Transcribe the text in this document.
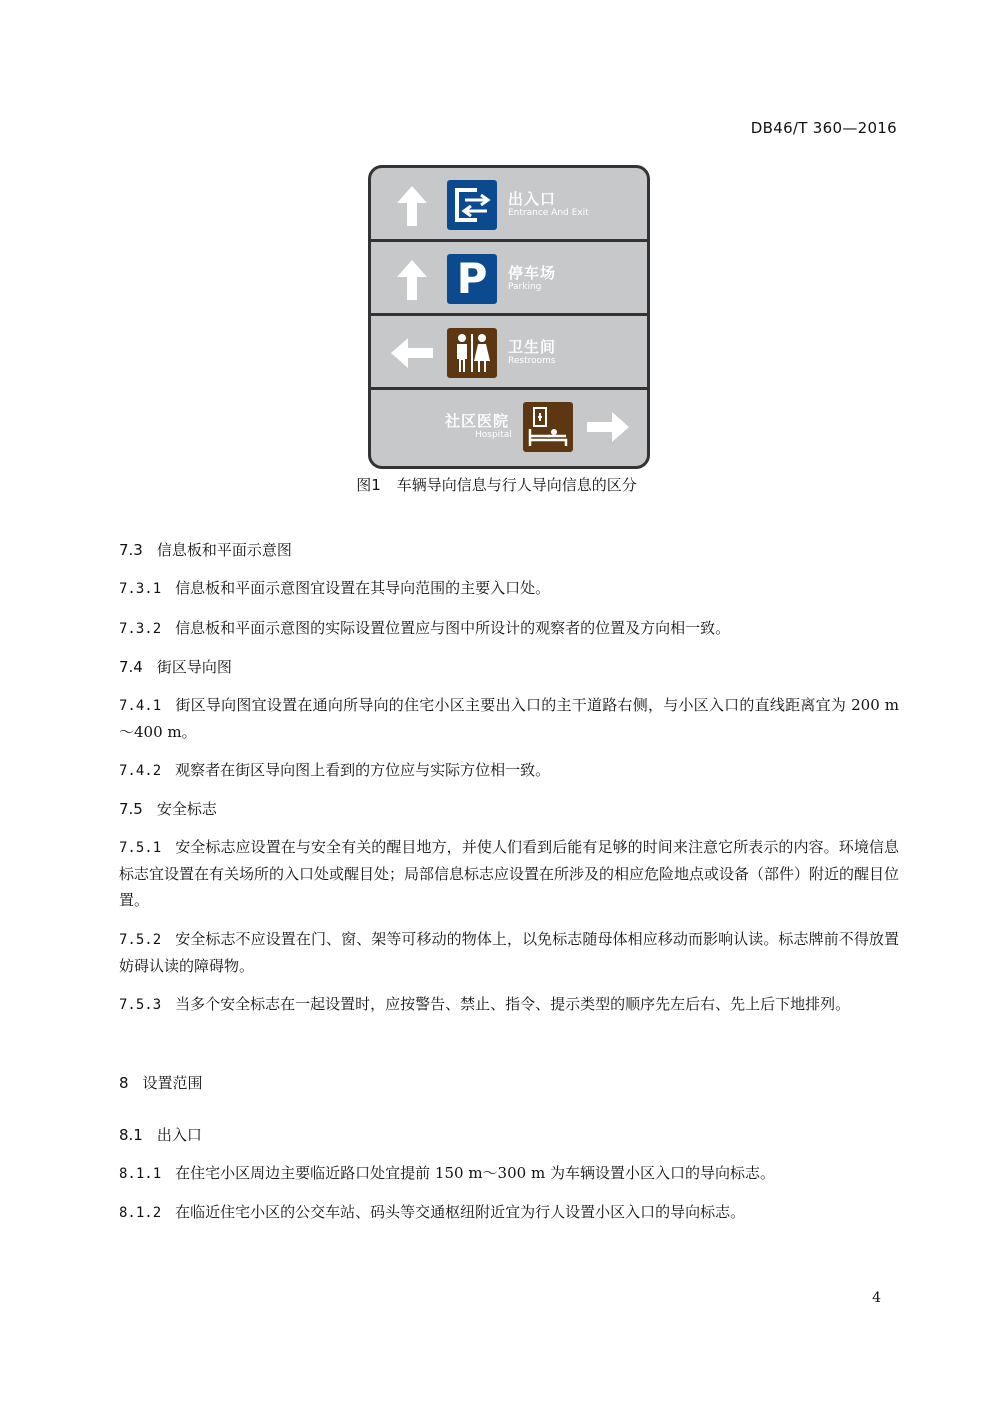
DB46/T 360—2016
出入口
Entrance And Exit
P 停车场
Parking
卫生间
Restrooms
社区医院
Hospital
图1 车辆导向信息与行人导向信息的区分
7.3 信息板和平面示意图
7.3.1 信息板和平面示意图宜设置在其导向范围的主要入口处。
7.3.2 信息板和平面示意图的实际设置位置应与图中所设计的观察者的位置及方向相一致。
7.4 街区导向图
7.4.1 街区导向图宜设置在通向所导向的住宅小区主要出入口的主干道路右侧，与小区入口的直线距离宜为 200 m～400 m。
7.4.2 观察者在街区导向图上看到的方位应与实际方位相一致。
7.5 安全标志
7.5.1 安全标志应设置在与安全有关的醒目地方，并使人们看到后能有足够的时间来注意它所表示的内容。环境信息标志宜设置在有关场所的入口处或醒目处；局部信息标志应设置在所涉及的相应危险地点或设备（部件）附近的醒目位置。
7.5.2 安全标志不应设置在门、窗、架等可移动的物体上，以免标志随母体相应移动而影响认读。标志牌前不得放置妨碍认读的障碍物。
7.5.3 当多个安全标志在一起设置时，应按警告、禁止、指令、提示类型的顺序先左后右、先上后下地排列。
8 设置范围
8.1 出入口
8.1.1 在住宅小区周边主要临近路口处宜提前 150 m～300 m 为车辆设置小区入口的导向标志。
8.1.2 在临近住宅小区的公交车站、码头等交通枢纽附近宜为行人设置小区入口的导向标志。
4
